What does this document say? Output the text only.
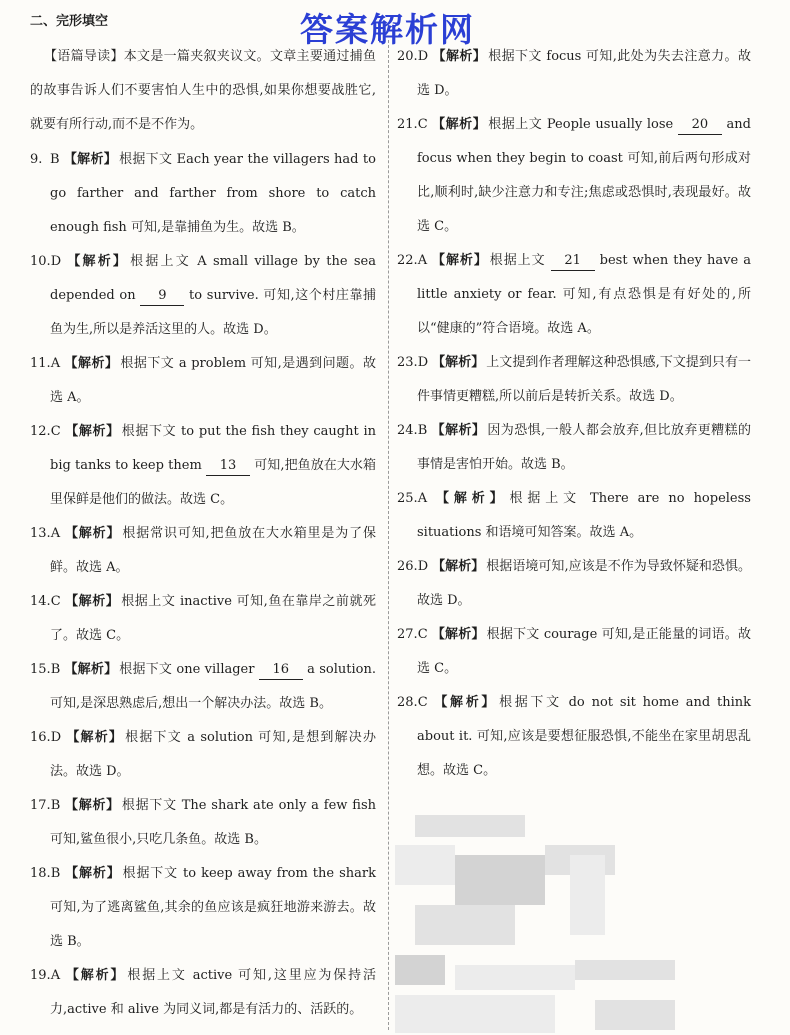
答案解析网
二、完形填空

【语篇导读】本文是一篇夹叙夹议文。文章主要通过捕鱼的故事告诉人们不要害怕人生中的恐惧,如果你想要战胜它,就要有所行动,而不是不作为。

9. B 【解析】 根据下文 Each year the villagers had to go farther and farther from shore to catch enough fish 可知,是靠捕鱼为生。故选 B。

10.D 【解析】 根据上文 A small village by the sea depended on 9 to survive. 可知,这个村庄靠捕鱼为生,所以是养活这里的人。故选 D。

11.A 【解析】 根据下文 a problem 可知,是遇到问题。故选 A。

12.C 【解析】 根据下文 to put the fish they caught in big tanks to keep them 13 可知,把鱼放在大水箱里保鲜是他们的做法。故选 C。

13.A 【解析】 根据常识可知,把鱼放在大水箱里是为了保鲜。故选 A。

14.C 【解析】 根据上文 inactive 可知,鱼在靠岸之前就死了。故选 C。

15.B 【解析】 根据下文 one villager 16 a solution. 可知,是深思熟虑后,想出一个解决办法。故选 B。

16.D 【解析】 根据下文 a solution 可知,是想到解决办法。故选 D。

17.B 【解析】 根据下文 The shark ate only a few fish 可知,鲨鱼很小,只吃几条鱼。故选 B。

18.B 【解析】 根据下文 to keep away from the shark 可知,为了逃离鲨鱼,其余的鱼应该是疯狂地游来游去。故选 B。

19.A 【解析】 根据上文 active 可知,这里应为保持活力,active 和 alive 为同义词,都是有活力的、活跃的。

20.D 【解析】 根据下文 focus 可知,此处为失去注意力。故选 D。

21.C 【解析】 根据上文 People usually lose 20 and focus when they begin to coast 可知,前后两句形成对比,顺利时,缺少注意力和专注;焦虑或恐惧时,表现最好。故选 C。

22.A 【解析】 根据上文 21 best when they have a little anxiety or fear. 可知,有点恐惧是有好处的,所以“健康的”符合语境。故选 A。

23.D 【解析】 上文提到作者理解这种恐惧感,下文提到只有一件事情更糟糕,所以前后是转折关系。故选 D。

24.B 【解析】 因为恐惧,一般人都会放弃,但比放弃更糟糕的事情是害怕开始。故选 B。

25.A 【解析】 根据上文 There are no hopeless situations 和语境可知答案。故选 A。

26.D 【解析】 根据语境可知,应该是不作为导致怀疑和恐惧。故选 D。

27.C 【解析】 根据下文 courage 可知,是正能量的词语。故选 C。

28.C 【解析】 根据下文 do not sit home and think about it. 可知,应该是要想征服恐惧,不能坐在家里胡思乱想。故选 C。
